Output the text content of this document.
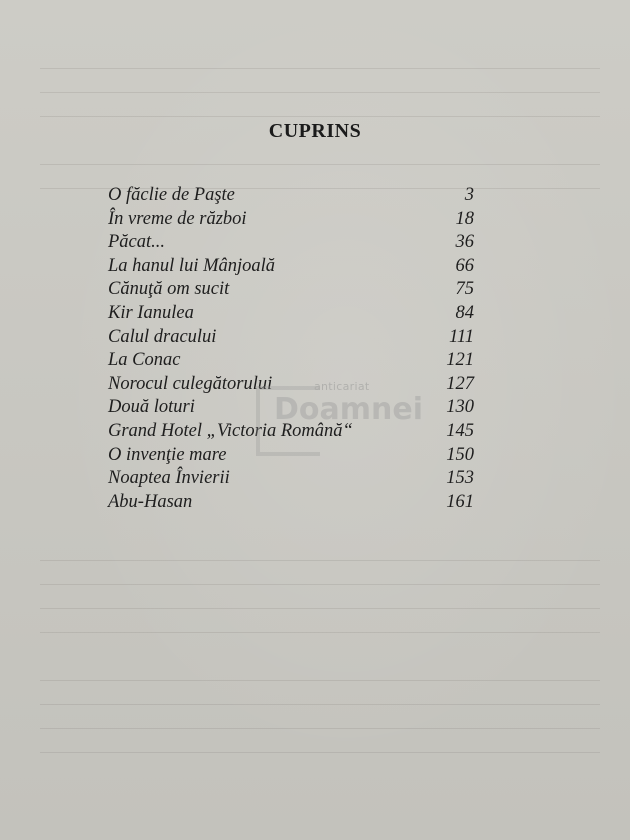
CUPRINS
O făclie de Paşte	3
În vreme de război	18
Păcat...	36
La hanul lui Mânjoală	66
Cănuţă om sucit	75
Kir Ianulea	84
Calul dracului	111
La Conac	121
Norocul culegătorului	127
Două loturi	130
Grand Hotel „Victoria Română“	145
O invenţie mare	150
Noaptea Învierii	153
Abu-Hasan	161
anticariat
Doamnei
